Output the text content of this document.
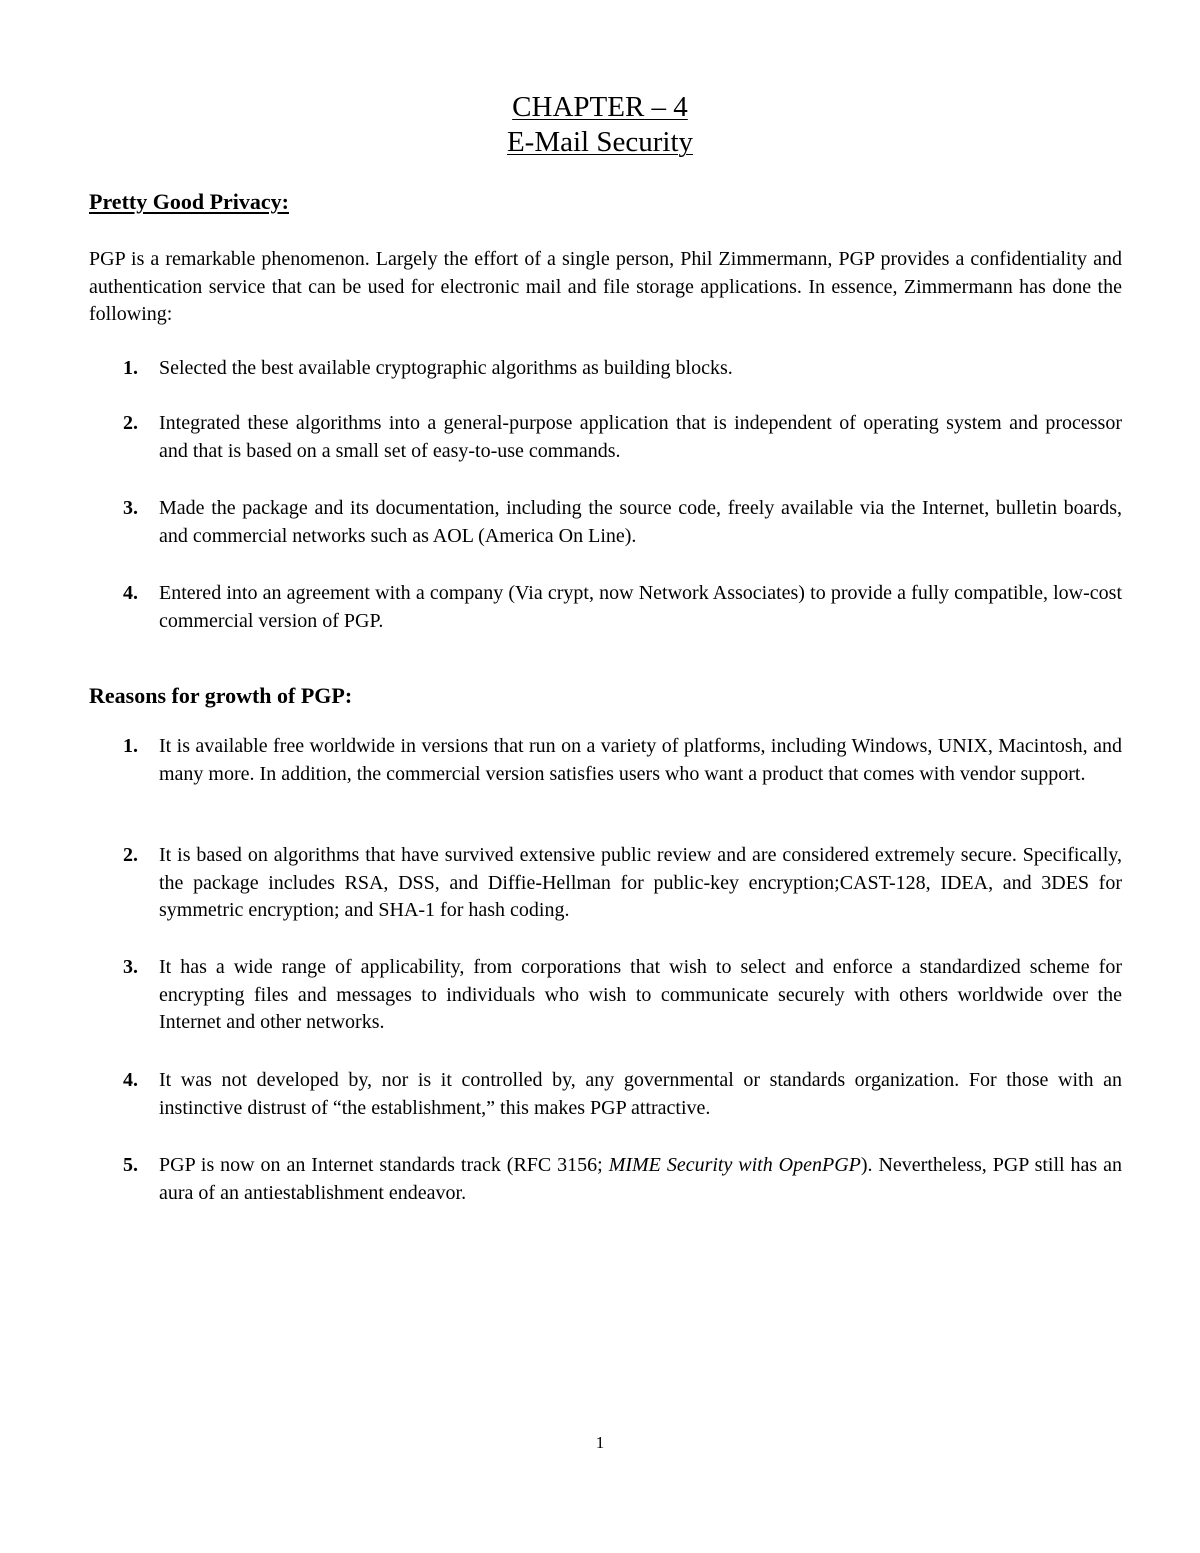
CHAPTER – 4
E-Mail Security
Pretty Good Privacy:
PGP is a remarkable phenomenon. Largely the effort of a single person, Phil Zimmermann, PGP provides a confidentiality and authentication service that can be used for electronic mail and file storage applications. In essence, Zimmermann has done the following:
1. Selected the best available cryptographic algorithms as building blocks.
2. Integrated these algorithms into a general-purpose application that is independent of operating system and processor and that is based on a small set of easy-to-use commands.
3. Made the package and its documentation, including the source code, freely available via the Internet, bulletin boards, and commercial networks such as AOL (America On Line).
4. Entered into an agreement with a company (Via crypt, now Network Associates) to provide a fully compatible, low-cost commercial version of PGP.
Reasons for growth of PGP:
1. It is available free worldwide in versions that run on a variety of platforms, including Windows, UNIX, Macintosh, and many more. In addition, the commercial version satisfies users who want a product that comes with vendor support.
2. It is based on algorithms that have survived extensive public review and are considered extremely secure. Specifically, the package includes RSA, DSS, and Diffie-Hellman for public-key encryption;CAST-128, IDEA, and 3DES for symmetric encryption; and SHA-1 for hash coding.
3. It has a wide range of applicability, from corporations that wish to select and enforce a standardized scheme for encrypting files and messages to individuals who wish to communicate securely with others worldwide over the Internet and other networks.
4. It was not developed by, nor is it controlled by, any governmental or standards organization. For those with an instinctive distrust of “the establishment,” this makes PGP attractive.
5. PGP is now on an Internet standards track (RFC 3156; MIME Security with OpenPGP). Nevertheless, PGP still has an aura of an antiestablishment endeavor.
1
